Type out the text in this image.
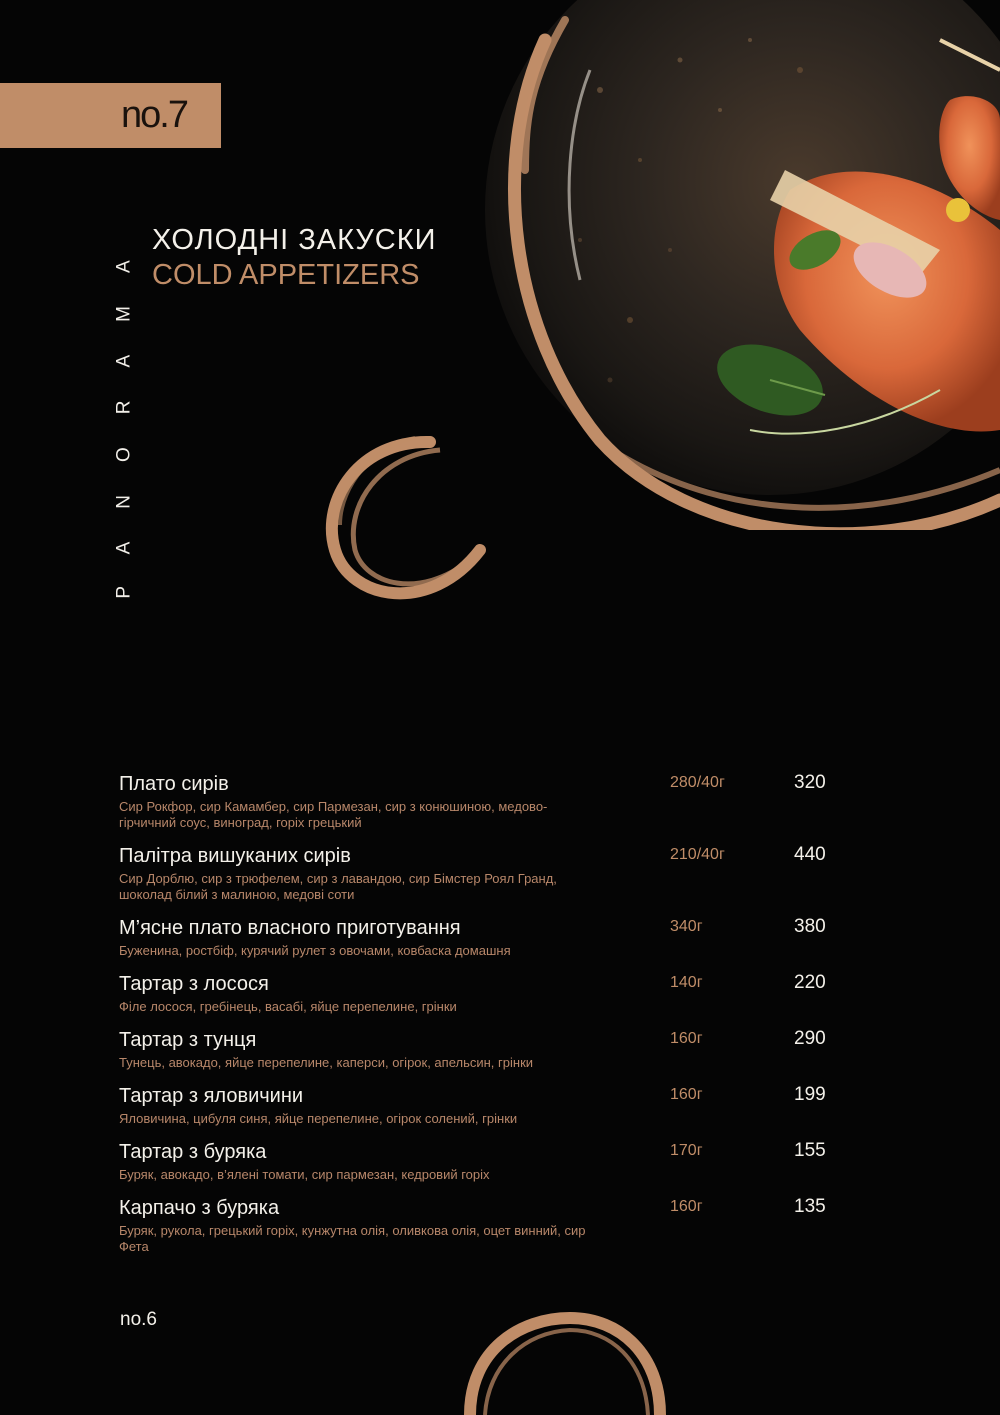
no.7
PANORAMA ХОЛОДНІ ЗАКУСКИ
COLD APPETIZERS
Плато сирів
Сир Рокфор, сир Камамбер, сир Пармезан, сир з конюшиною, медово-гірчичний соус, виноград, горіх грецький
280/40г	320
Палітра вишуканих сирів
Сир Дорблю, сир з трюфелем, сир з лавандою, сир Бімстер Роял Гранд, шоколад білий з малиною, медові соти
210/40г	440
М’ясне плато власного приготування
Буженина, ростбіф, курячий рулет з овочами, ковбаска домашня
340г	380
Тартар з лосося
Філе лосося, гребінець, васабі, яйце перепелине, грінки
140г	220
Тартар з тунця
Тунець, авокадо, яйце перепелине, каперси, огірок, апельсин, грінки
160г	290
Тартар з яловичини
Яловичина, цибуля синя, яйце перепелине, огірок солений, грінки
160г	199
Тартар з буряка
Буряк, авокадо, в’ялені томати, сир пармезан, кедровий горіх
170г	155
Карпачо з буряка
Буряк, рукола, грецький горіх, кунжутна олія, оливкова олія, оцет винний, сир Фета
160г	135
no.6
